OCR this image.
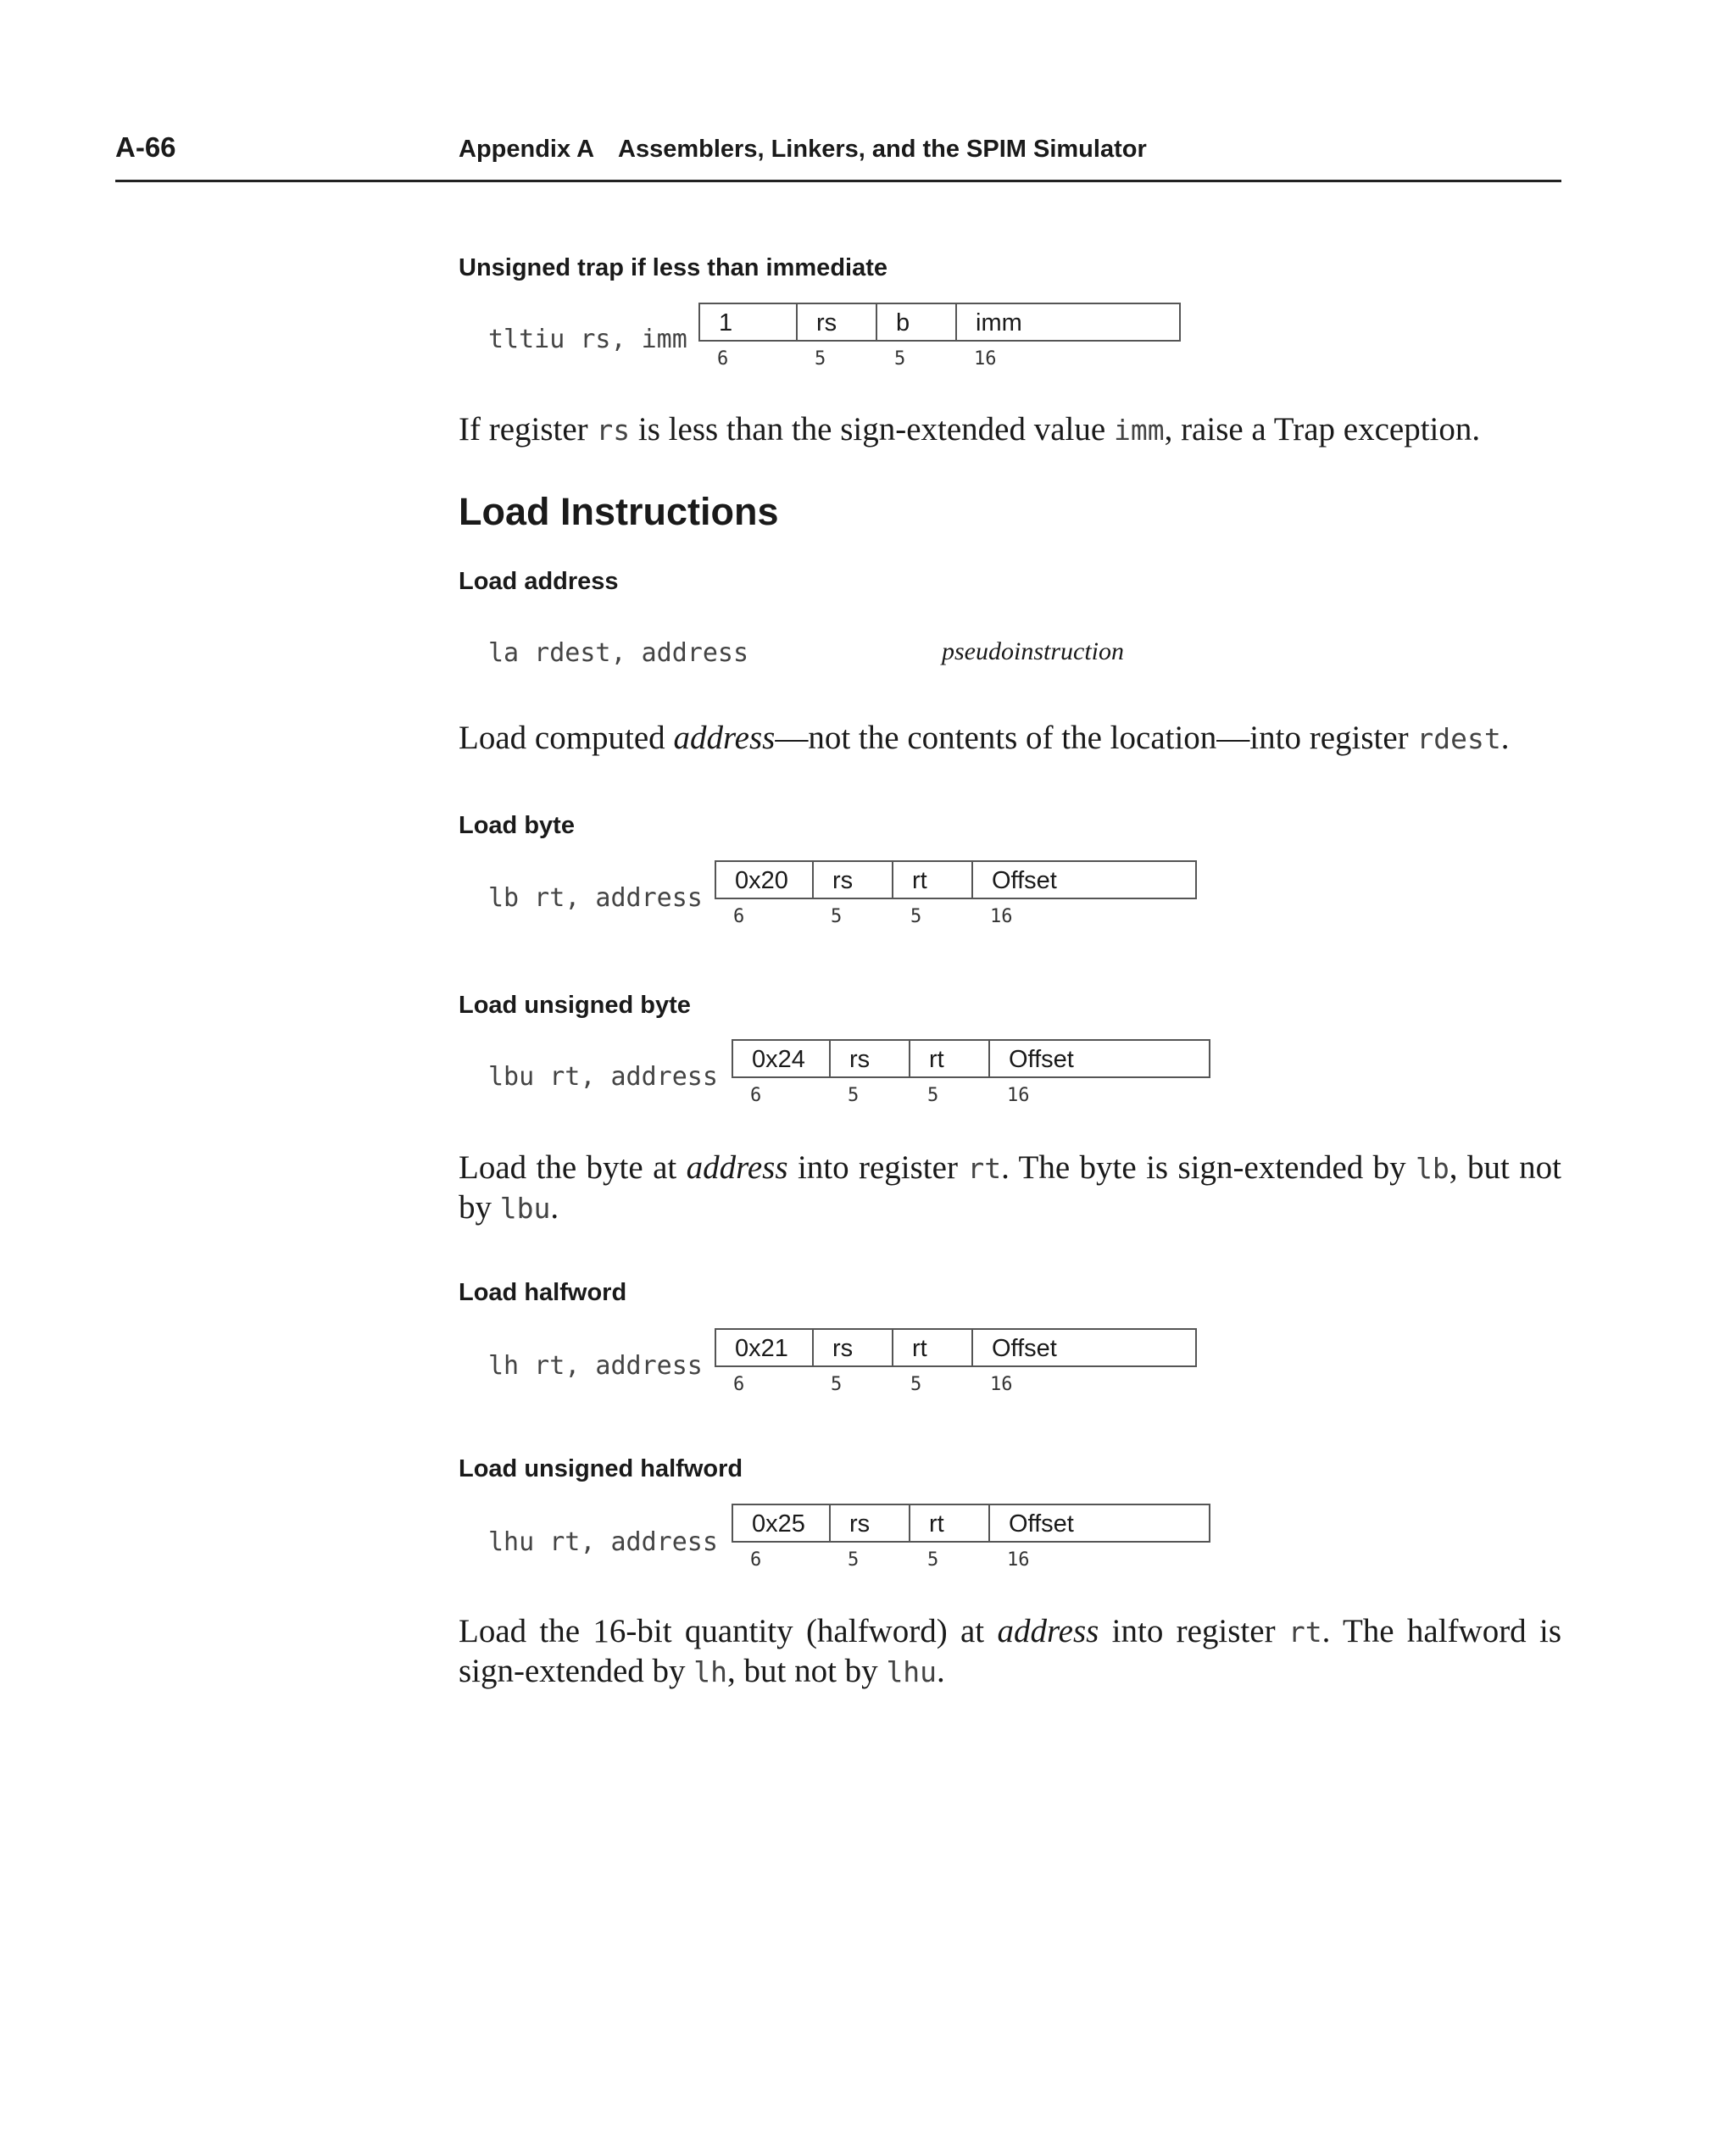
A-66	Appendix A Assemblers, Linkers, and the SPIM Simulator
Unsigned trap if less than immediate
tltiu rs, imm
1	rs	b	imm
6	5	5	16
If register rs is less than the sign-extended value imm, raise a Trap exception.
Load Instructions
Load address
la rdest, address	pseudoinstruction
Load computed address—not the contents of the location—into register rdest.
Load byte
lb rt, address
0x20	rs	rt	Offset
6	5	5	16
Load unsigned byte
lbu rt, address
0x24	rs	rt	Offset
6	5	5	16
Load the byte at address into register rt. The byte is sign-extended by lb, but not by lbu.
Load halfword
lh rt, address
0x21	rs	rt	Offset
6	5	5	16
Load unsigned halfword
lhu rt, address
0x25	rs	rt	Offset
6	5	5	16
Load the 16-bit quantity (halfword) at address into register rt. The halfword is sign-extended by lh, but not by lhu.
